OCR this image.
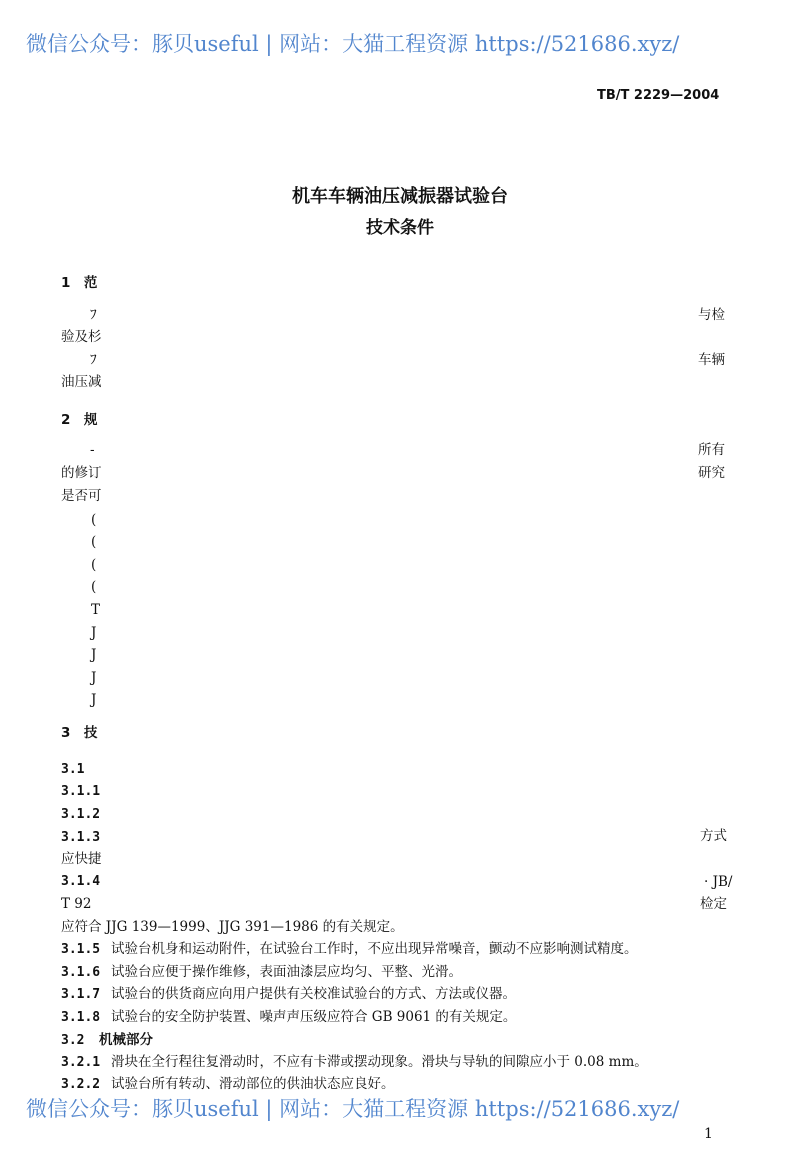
微信公众号：豚贝useful | 网站：大猫工程资源 https://521686.xyz/
TB/T 2229—2004
机车车辆油压减振器试验台
技术条件
1　范
ﾌ	与检
验及杉
ﾌ	车辆
油压减
2　规
-	所有
的修订	研究
是否可
(
(
(
(
T
J
J
J
J
3　技
3.1
3.1.1
3.1.2
3.1.3	方式
应快捷
3.1.4	· JB/
T 92	检定
应符合 JJG 139—1999、JJG 391—1986 的有关规定。
3.1.5 试验台机身和运动附件，在试验台工作时，不应出现异常噪音，颤动不应影响测试精度。
3.1.6 试验台应便于操作维修，表面油漆层应均匀、平整、光滑。
3.1.7 试验台的供货商应向用户提供有关校准试验台的方式、方法或仪器。
3.1.8 试验台的安全防护装置、噪声声压级应符合 GB 9061 的有关规定。
3.2 机械部分
3.2.1 滑块在全行程往复滑动时，不应有卡滞或摆动现象。滑块与导轨的间隙应小于 0.08 mm。
3.2.2 试验台所有转动、滑动部位的供油状态应良好。
微信公众号：豚贝useful | 网站：大猫工程资源 https://521686.xyz/
1
